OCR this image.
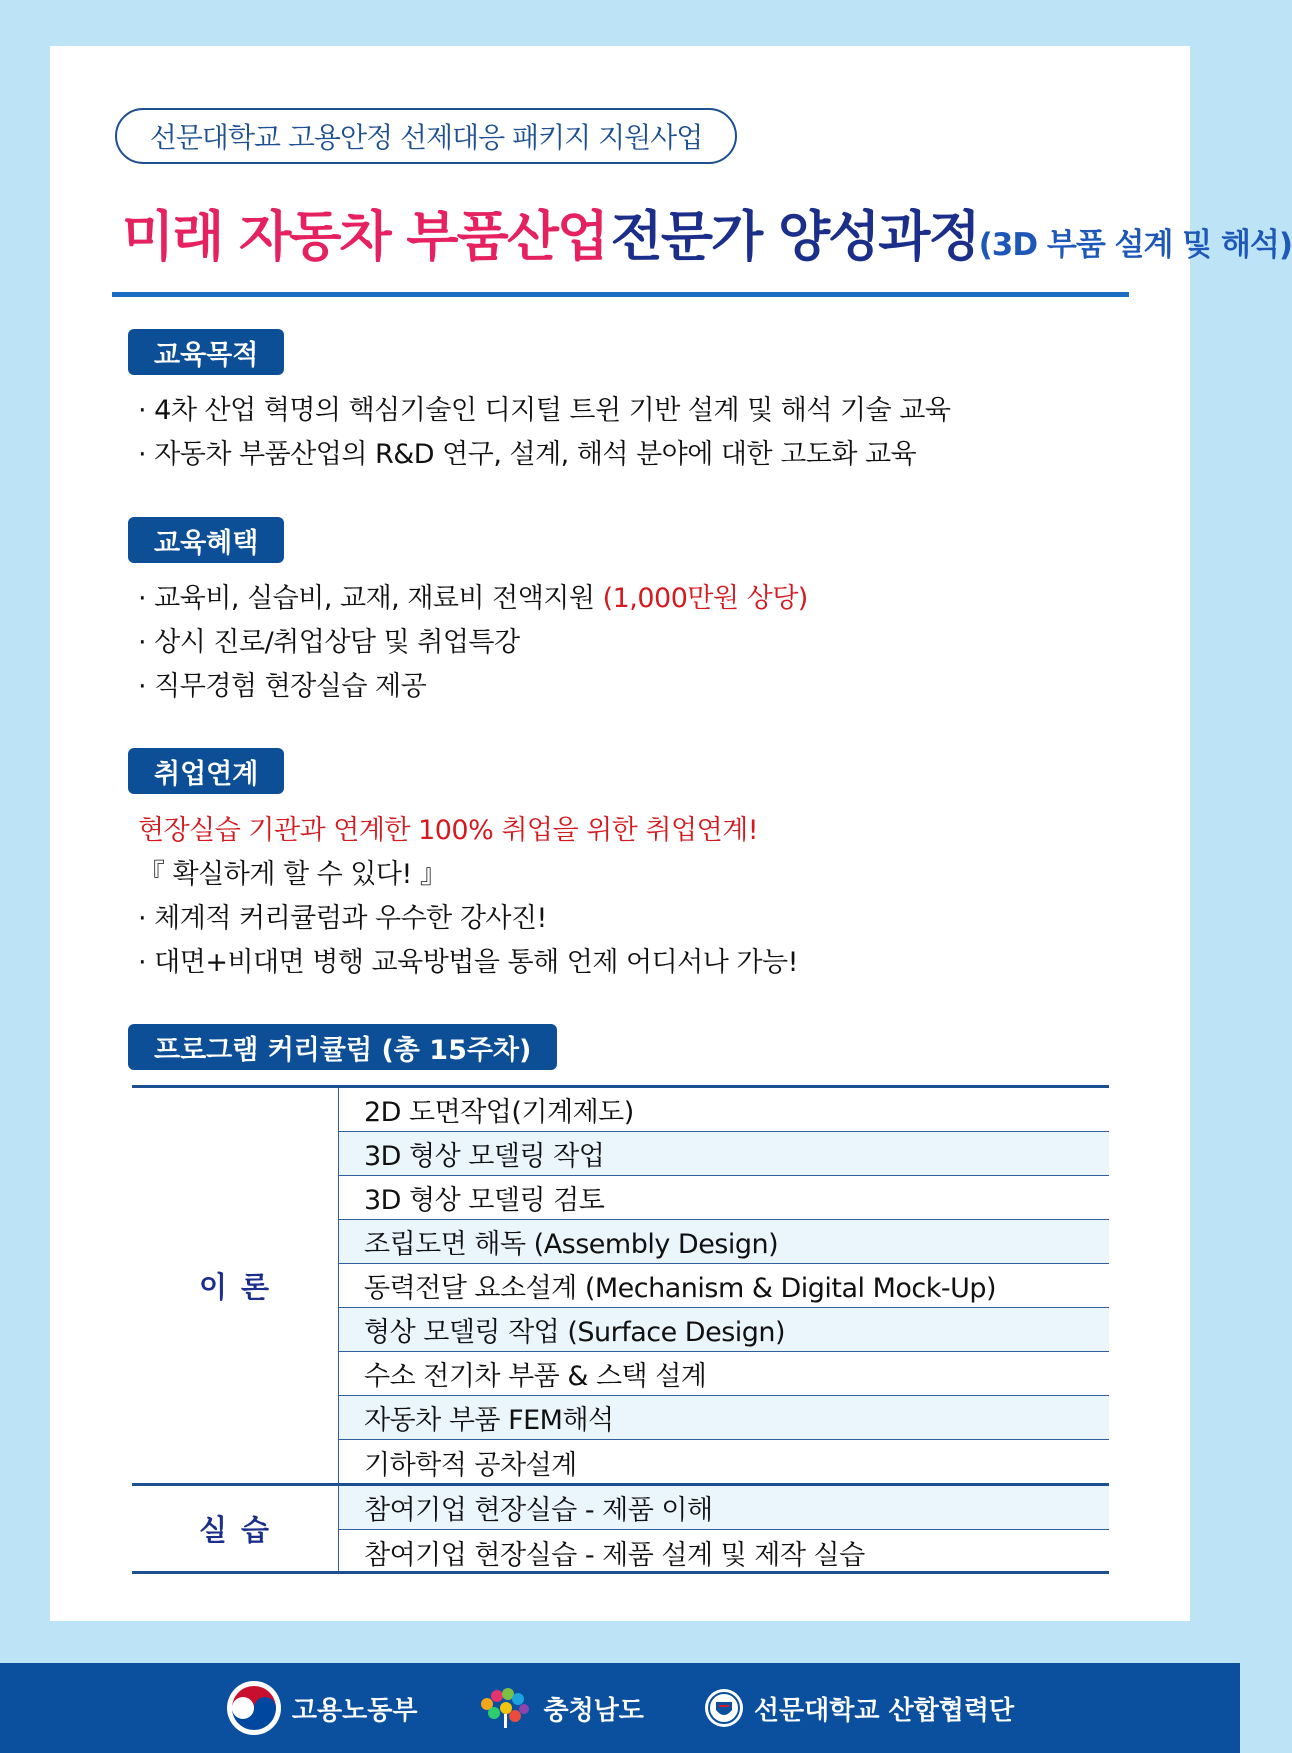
선문대학교 고용안정 선제대응 패키지 지원사업
미래 자동차 부품산업 전문가 양성과정(3D 부품 설계 및 해석)
교육목적
· 4차 산업 혁명의 핵심기술인 디지털 트윈 기반 설계 및 해석 기술 교육
· 자동차 부품산업의 R&D 연구, 설계, 해석 분야에 대한 고도화 교육
교육혜택
· 교육비, 실습비, 교재, 재료비 전액지원 (1,000만원 상당)
· 상시 진로/취업상담 및 취업특강
· 직무경험 현장실습 제공
취업연계
현장실습 기관과 연계한 100% 취업을 위한 취업연계!
『 확실하게 할 수 있다! 』
· 체계적 커리큘럼과 우수한 강사진!
· 대면+비대면 병행 교육방법을 통해 언제 어디서나 가능!
프로그램 커리큘럼 (총 15주차)
이 론
2D 도면작업(기계제도)
3D 형상 모델링 작업
3D 형상 모델링 검토
조립도면 해독 (Assembly Design)
동력전달 요소설계 (Mechanism & Digital Mock-Up)
형상 모델링 작업 (Surface Design)
수소 전기차 부품 & 스택 설계
자동차 부품 FEM해석
기하학적 공차설계
실 습
참여기업 현장실습 - 제품 이해
참여기업 현장실습 - 제품 설계 및 제작 실습
고용노동부	충청남도	선문대학교 산합협력단
